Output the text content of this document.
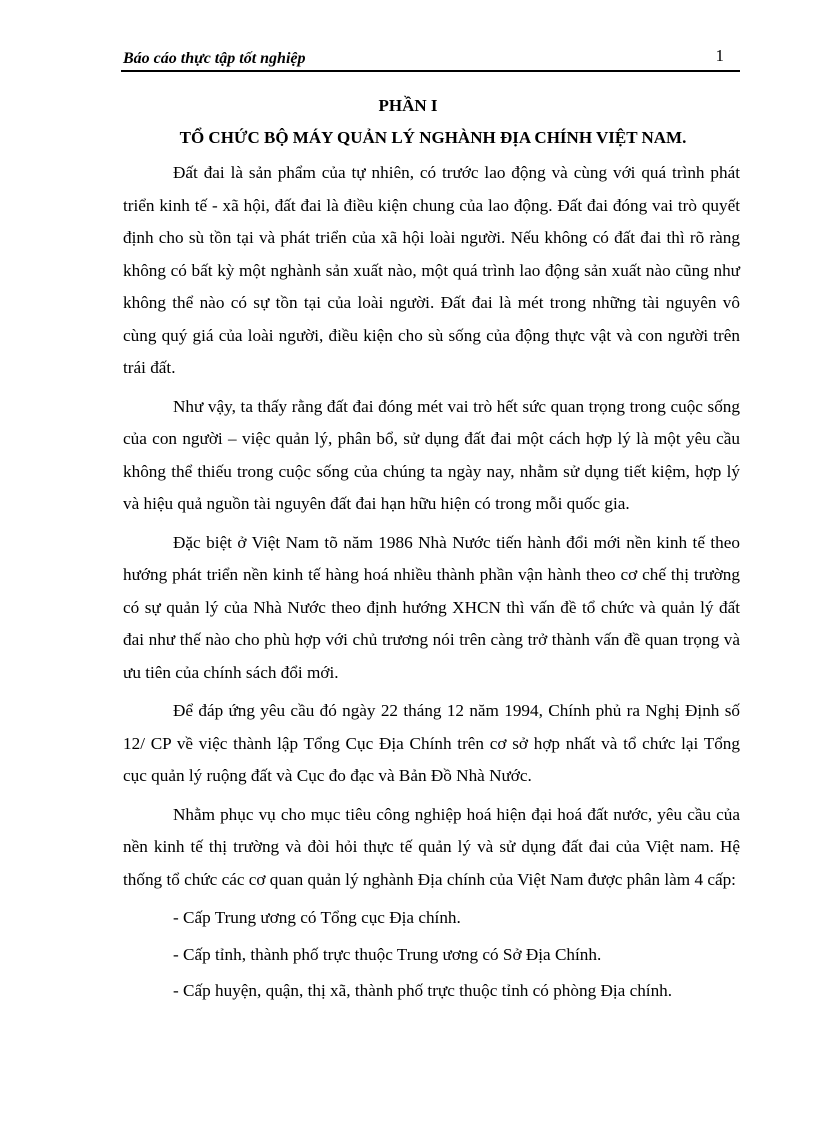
Báo cáo thực tập tốt nghiệp	1
PHẦN I
TỔ CHỨC BỘ MÁY QUẢN LÝ NGHÀNH ĐỊA CHÍNH VIỆT NAM.

Đất đai là sản phẩm của tự nhiên, có trước lao động và cùng với quá trình phát triển kinh tế - xã hội, đất đai là điều kiện chung của lao động. Đất đai đóng vai trò quyết định cho sù tồn tại và phát triển của xã hội loài người. Nếu không có đất đai thì rõ ràng không có bất kỳ một nghành sản xuất nào, một quá trình lao động sản xuất nào cũng như không thể nào có sự tồn tại của loài người. Đất đai là mét trong những tài nguyên vô cùng quý giá của loài người, điều kiện cho sù sống của động thực vật và con người trên trái đất.

Như vậy, ta thấy rằng đất đai đóng mét vai trò hết sức quan trọng trong cuộc sống của con người – việc quản lý, phân bổ, sử dụng đất đai một cách hợp lý là một yêu cầu không thể thiếu trong cuộc sống của chúng ta ngày nay, nhằm sử dụng tiết kiệm, hợp lý và hiệu quả nguồn tài nguyên đất đai hạn hữu hiện có trong mỗi quốc gia.

Đặc biệt ở Việt Nam tõ năm 1986 Nhà Nước tiến hành đổi mới nền kinh tế theo hướng phát triển nền kinh tế hàng hoá nhiều thành phần vận hành theo cơ chế thị trường có sự quản lý của Nhà Nước theo định hướng XHCN thì vấn đề tổ chức và quản lý đất đai như thế nào cho phù hợp với chủ trương nói trên càng trở thành vấn đề quan trọng và ưu tiên của chính sách đổi mới.

Để đáp ứng yêu cầu đó ngày 22 tháng 12 năm 1994, Chính phủ ra Nghị Định số 12/ CP về việc thành lập Tổng Cục Địa Chính trên cơ sở hợp nhất và tổ chức lại Tổng cục quản lý ruộng đất và Cục đo đạc và Bản Đồ Nhà Nước.

Nhằm phục vụ cho mục tiêu công nghiệp hoá hiện đại hoá đất nước, yêu cầu của nền kinh tế thị trường và đòi hỏi thực tế quản lý và sử dụng đất đai của Việt nam. Hệ thống tổ chức các cơ quan quản lý nghành Địa chính của Việt Nam được phân làm 4 cấp:

- Cấp Trung ương có Tổng cục Địa chính.

- Cấp tỉnh, thành phố trực thuộc Trung ương có Sở Địa Chính.

- Cấp huyện, quận, thị xã, thành phố trực thuộc tỉnh có phòng Địa chính.
